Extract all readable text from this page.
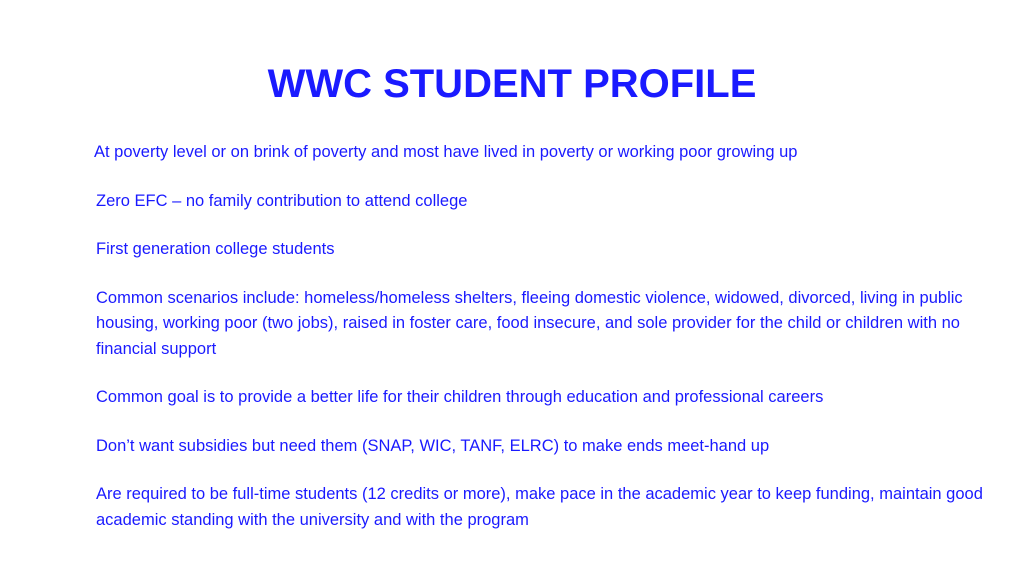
WWC STUDENT PROFILE
At poverty level or on brink of poverty and most have lived in poverty or working poor growing up
Zero EFC – no family contribution to attend college
First generation college students
Common scenarios include: homeless/homeless shelters, fleeing domestic violence, widowed, divorced, living in public housing, working poor (two jobs), raised in foster care, food insecure, and sole provider for the child or children with no financial support
Common goal is to provide a better life for their children through education and professional careers
Don’t want subsidies but need them (SNAP, WIC, TANF, ELRC) to make ends meet-hand up
Are required to be full-time students (12 credits or more), make pace in the academic year to keep funding, maintain good academic standing with the university and with the program
